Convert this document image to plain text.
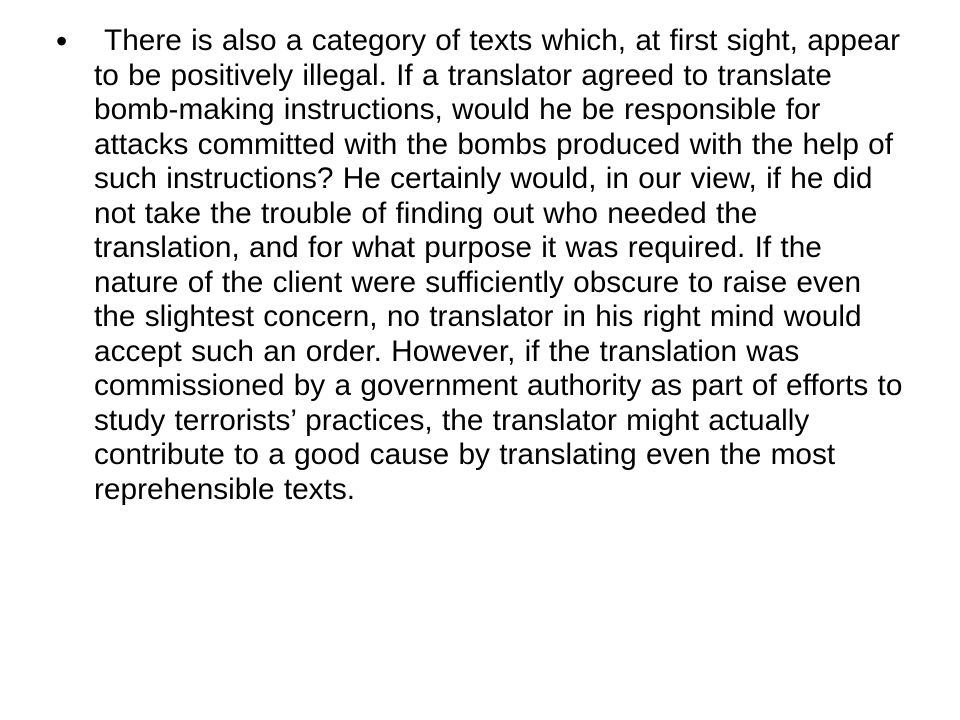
•	There is also a category of texts which, at first sight, appear to be positively illegal. If a translator agreed to translate bomb-making instructions, would he be responsible for attacks committed with the bombs produced with the help of such instructions? He certainly would, in our view, if he did not take the trouble of finding out who needed the translation, and for what purpose it was required. If the nature of the client were sufficiently obscure to raise even the slightest concern, no translator in his right mind would accept such an order. However, if the translation was commissioned by a government authority as part of efforts to study terrorists’ practices, the translator might actually contribute to a good cause by translating even the most reprehensible texts.
